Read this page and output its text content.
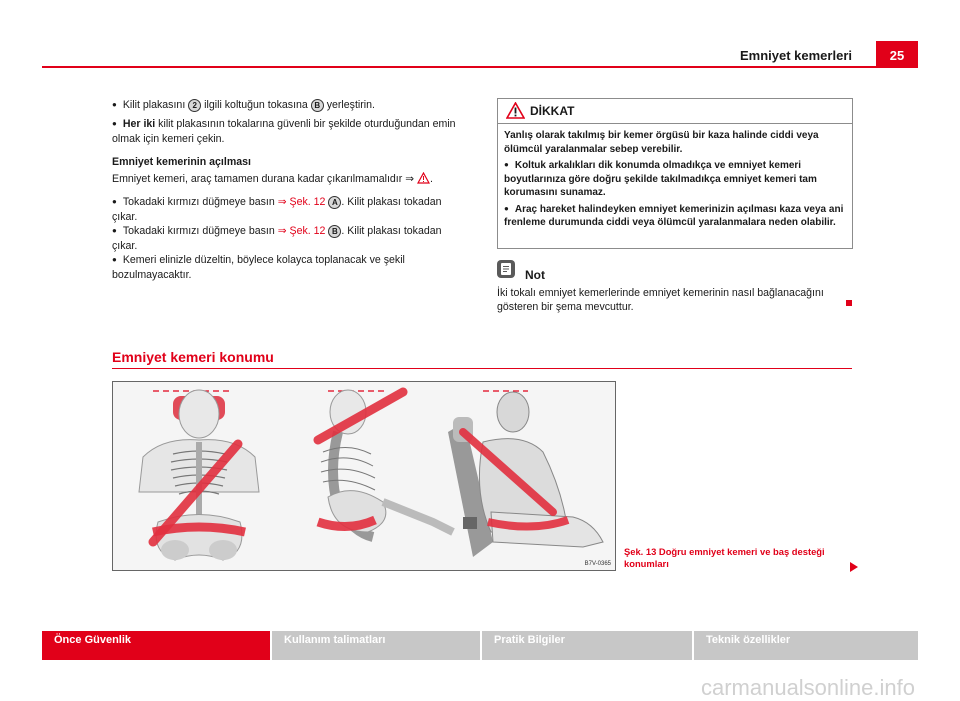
Emniyet kemerleri	25

● Kilit plakasını 2 ilgili koltuğun tokasına B yerleştirin.

● Her iki kilit plakasının tokalarına güvenli bir şekilde oturduğundan emin olmak için kemeri çekin.

Emniyet kemerinin açılması

Emniyet kemeri, araç tamamen durana kadar çıkarılmamalıdır ⇒ .

● Tokadaki kırmızı düğmeye basın ⇒ Şek. 12 A . Kilit plakası tokadan çıkar.

● Tokadaki kırmızı düğmeye basın ⇒ Şek. 12 B . Kilit plakası tokadan çıkar.

● Kemeri elinizle düzeltin, böylece kolayca toplanacak ve şekil bozulmayacaktır.

DİKKAT

Yanlış olarak takılmış bir kemer örgüsü bir kaza halinde ciddi veya ölümcül yaralanmalar sebep verebilir.

● Koltuk arkalıkları dik konumda olmadıkça ve emniyet kemeri boyutlarınıza göre doğru şekilde takılmadıkça emniyet kemeri tam korumasını sunamaz.

● Araç hareket halindeyken emniyet kemerinizin açılması kaza veya ani frenleme durumunda ciddi veya ölümcül yaralanmalara neden olabilir.

Not
İki tokalı emniyet kemerlerinde emniyet kemerinin nasıl bağlanacağını gösteren bir şema mevcuttur.
Emniyet kemeri konumu
B7V-0365
Şek. 13 Doğru emniyet kemeri ve baş desteği konumları
Önce Güvenlik	Kullanım talimatları	Pratik Bilgiler	Teknik özellikler
carmanualsonline.info
